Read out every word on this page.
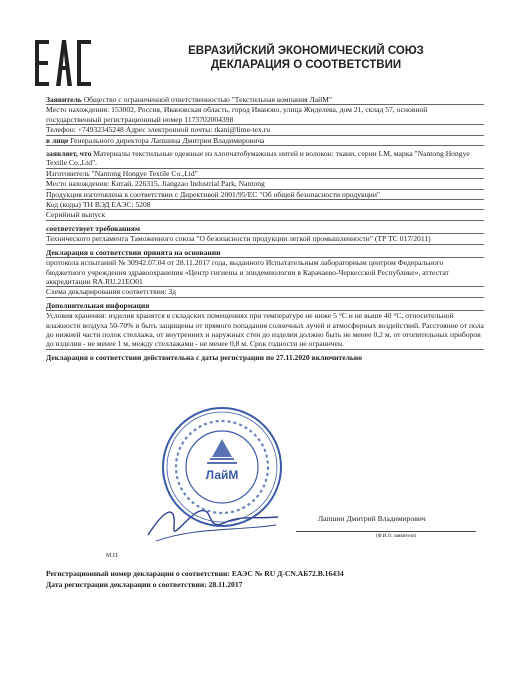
ЕВРАЗИЙСКИЙ ЭКОНОМИЧЕСКИЙ СОЮЗ
ДЕКЛАРАЦИЯ О СООТВЕТСТВИИ

Заявитель Общество с ограниченной ответственностью "Текстильная компания ЛайМ"

Место нахождения: 153002, Россия, Ивановская область, город Иваново, улица Жиделева, дом 21, склад 57, основной государственный регистрационный номер 1173702004398

Телефон: +74932345248 Адрес электронной почты: tkani@lime-tex.ru

в лице Генерального директора Лапшина Дмитрия Владимировича

заявляет, что Материалы текстильные одежные из хлопчатобумажных нитей и волокон: ткани, серии LM, марка "Nantong Hongye Textile Co.,Ltd".

Изготовитель "Nantong Hongye Textile Co.,Ltd"

Место нахождения: Китай, 226315, Jiangzao Industrial Park, Nantong

Продукция изготовлена в соответствии с Директивой 2001/95/ЕС "Об общей безопасности продукции"

Код (коды) ТН ВЭД ЕАЭС: 5208

Серийный выпуск

соответствует требованиям

Технического регламента Таможенного союза "О безопасности продукции легкой промышленности" (ТР ТС 017/2011)

Декларация о соответствии принята на основании

протокола испытаний № 30942.07.04 от 28.11.2017 года, выданного Испытательным лабораторным центром Федерального бюджетного учреждения здравоохранения «Центр гигиены и эпидемиологии в Карачаево-Черкесской Республике», аттестат аккредитации RA.RU.21EO01

Схема декларирования соответствия: 3д

Дополнительная информация

Условия хранения: изделия хранятся в складских помещениях при температуре не ниже 5 °С и не выше 40 °С, относительной влажности воздуха 50-70% и быть защищены от прямого попадания солнечных лучей и атмосферных воздействий. Расстояние от пола до нижней части полок стеллажа, от внутренних и наружных стен до изделия должно быть не менее 0,2 м, от отопительных приборов до изделия - не менее 1 м, между стеллажами - не менее 0,8 м. Срок годности не ограничен.

Декларация о соответствии действительна с даты регистрации по 27.11.2020 включительно

Лапшин Дмитрий Владимирович
(Ф.И.О. заявителя)
М.П.
ЛайМ

Регистрационный номер декларации о соответствии: ЕАЭС № RU Д-CN.АБ72.В.16434

Дата регистрации декларации о соответствии: 28.11.2017
